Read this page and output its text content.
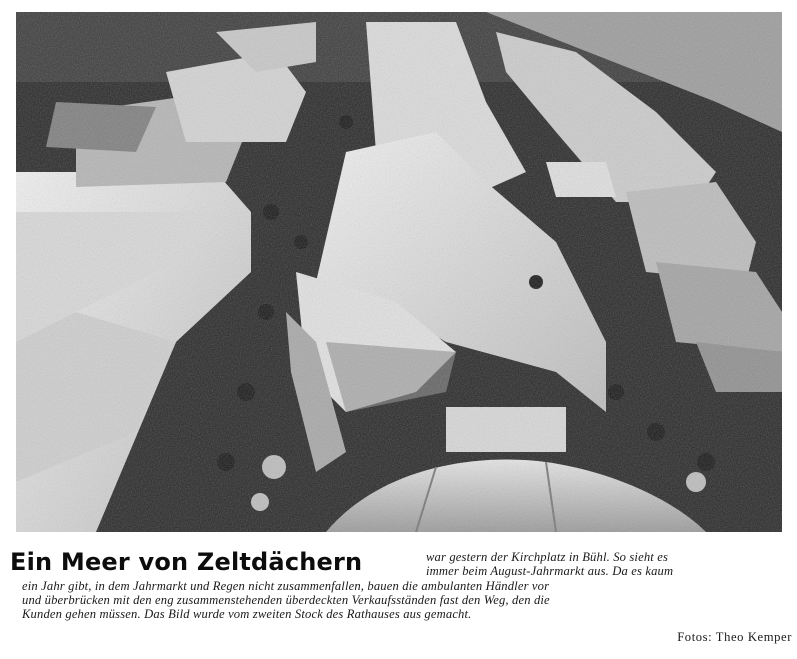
Ein Meer von Zeltdächern	war gestern der Kirchplatz in Bühl. So sieht es

immer beim August-Jahrmarkt aus. Da es kaum

ein Jahr gibt, in dem Jahrmarkt und Regen nicht zusammenfallen, bauen die ambulanten Händler vor

und überbrücken mit den eng zusammenstehenden überdeckten Verkaufsständen fast den Weg, den die

Kunden gehen müssen. Das Bild wurde vom zweiten Stock des Rathauses aus gemacht.

Fotos: Theo Kemper
